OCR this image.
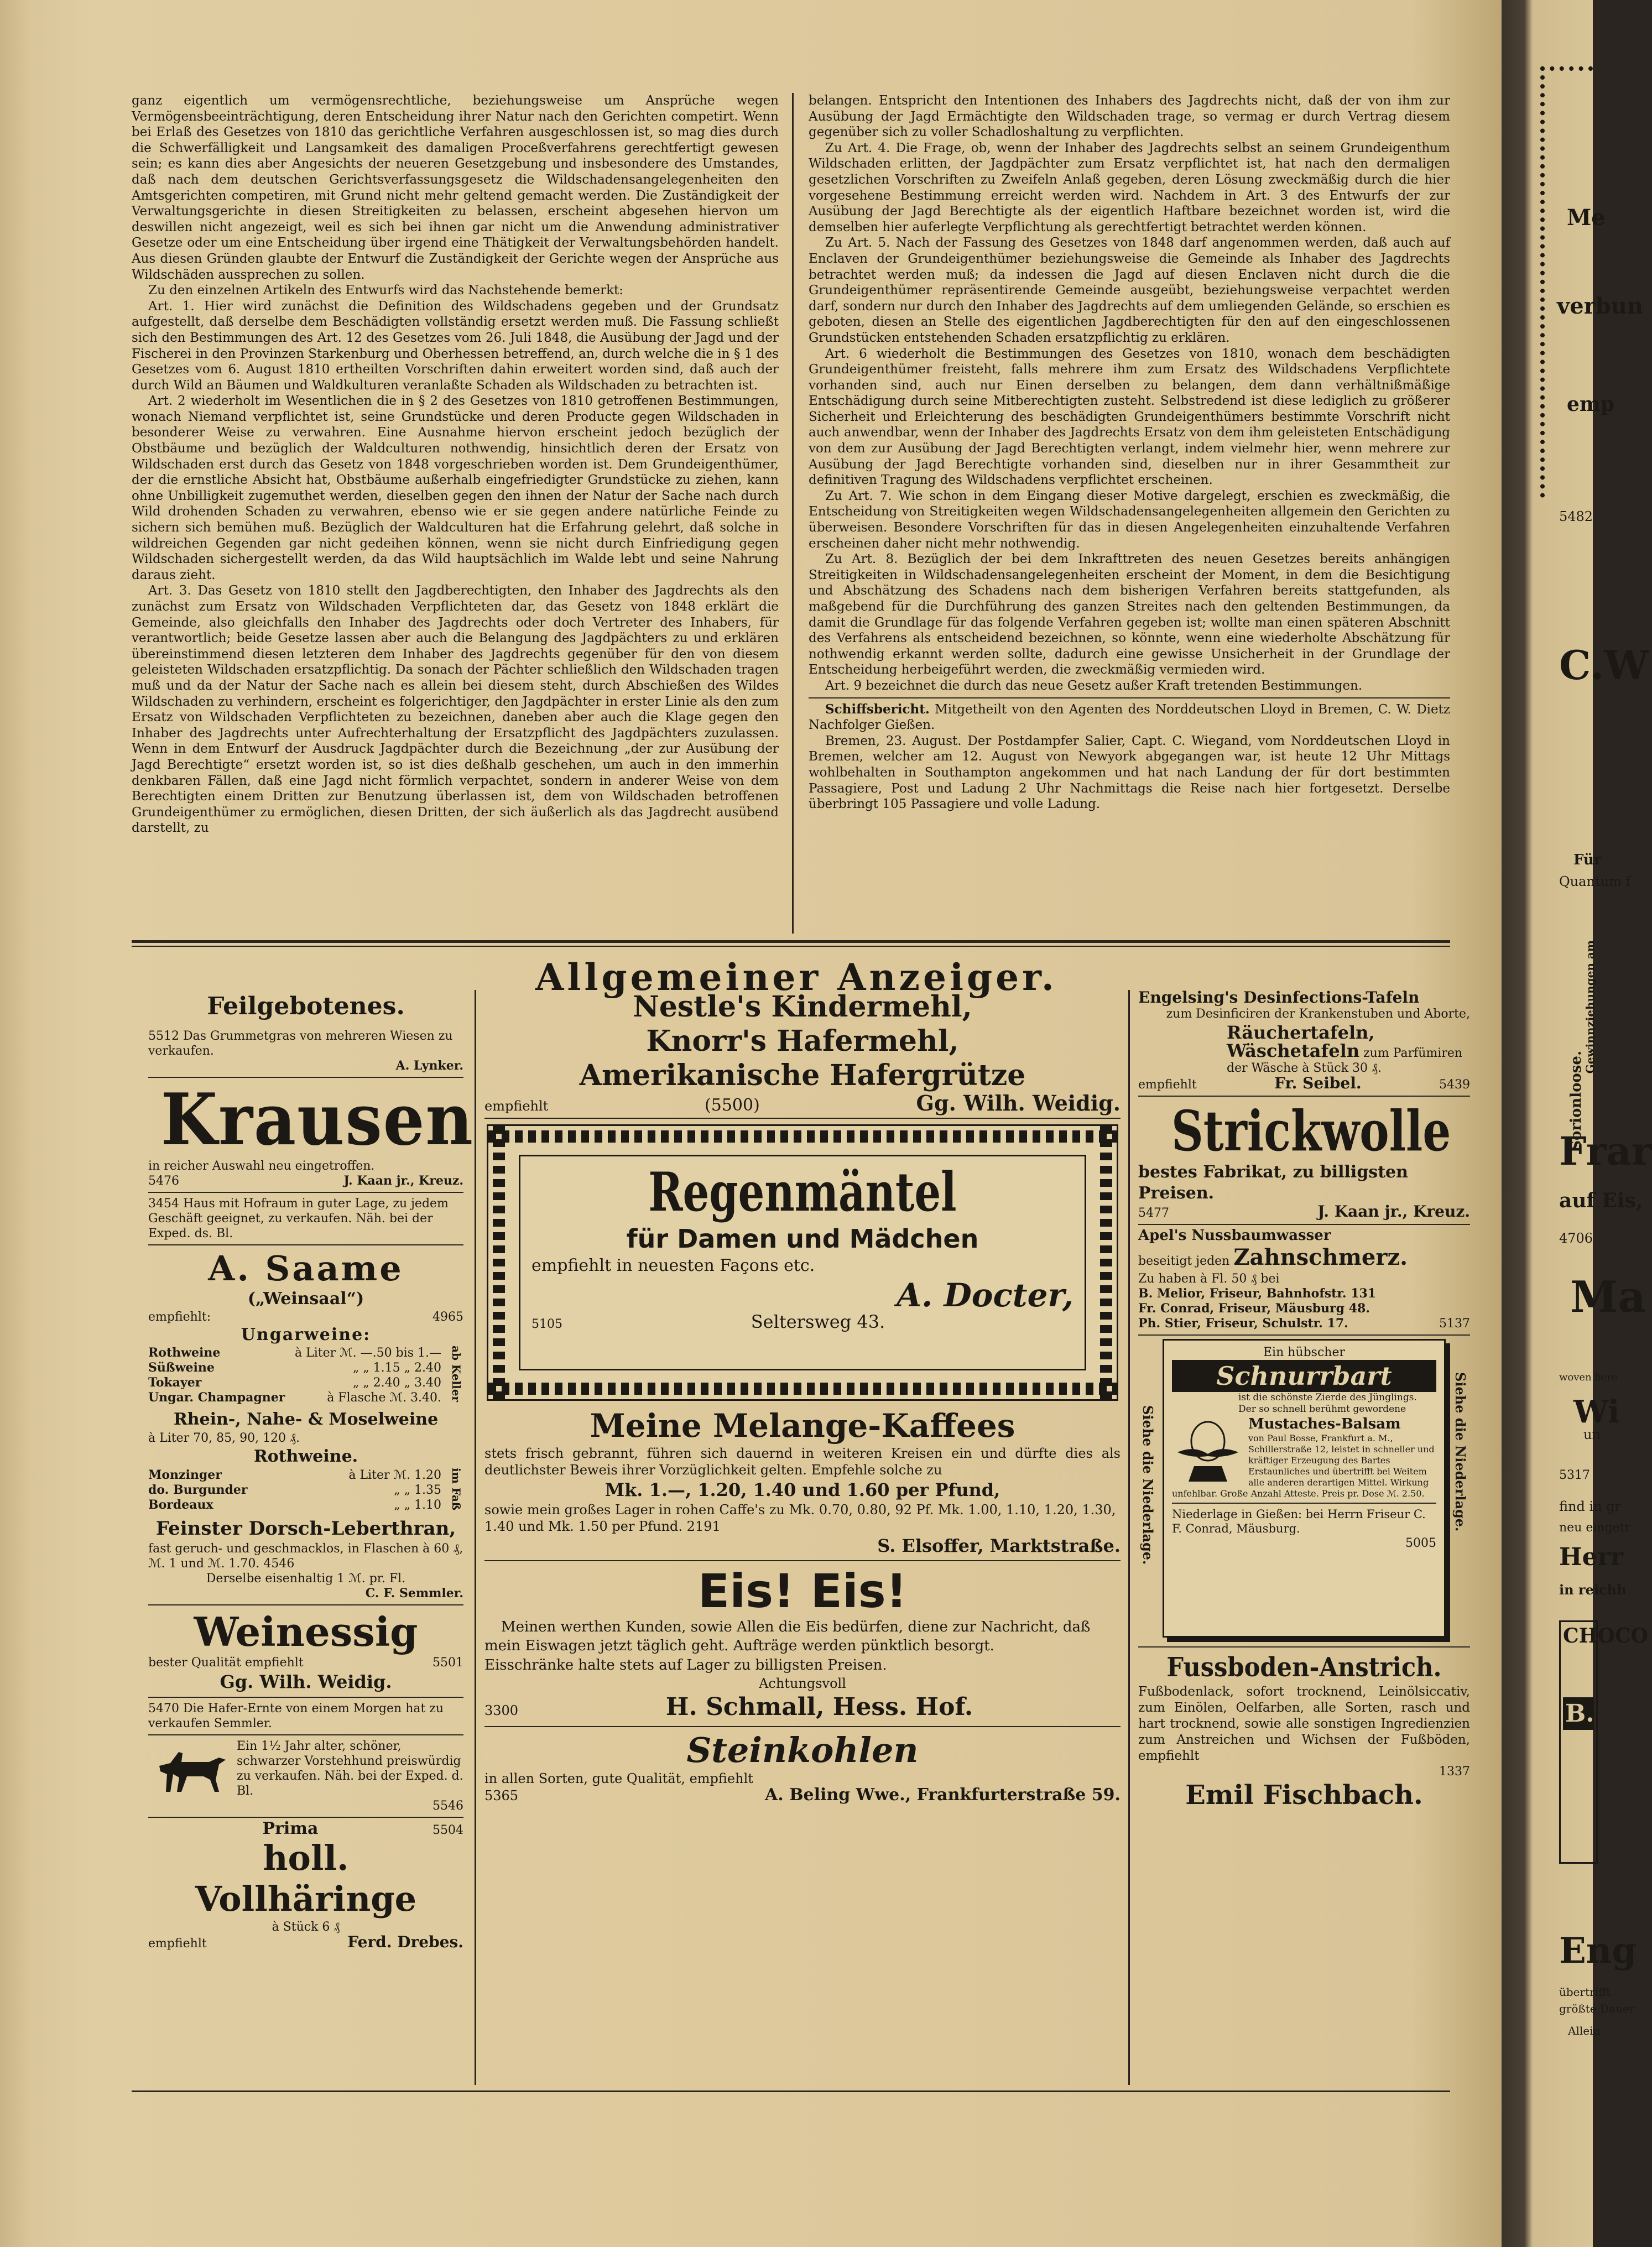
ganz eigentlich um vermögensrechtliche, beziehungsweise um Ansprüche wegen Vermögensbeeinträchtigung, deren Entscheidung ihrer Natur nach den Gerichten competirt. Wenn bei Erlaß des Gesetzes von 1810 das gerichtliche Verfahren ausgeschlossen ist, so mag dies durch die Schwerfälligkeit und Langsamkeit des damaligen Proceßverfahrens gerechtfertigt gewesen sein; es kann dies aber Angesichts der neueren Gesetzgebung und insbesondere des Umstandes, daß nach dem deutschen Gerichtsverfassungsgesetz die Wildschadensangelegenheiten den Amtsgerichten competiren, mit Grund nicht mehr geltend gemacht werden. Die Zuständigkeit der Verwaltungsgerichte in diesen Streitigkeiten zu belassen, erscheint abgesehen hiervon um deswillen nicht angezeigt, weil es sich bei ihnen gar nicht um die Anwendung administrativer Gesetze oder um eine Entscheidung über irgend eine Thätigkeit der Verwaltungsbehörden handelt. Aus diesen Gründen glaubte der Entwurf die Zuständigkeit der Gerichte wegen der Ansprüche aus Wildschäden aussprechen zu sollen.

Zu den einzelnen Artikeln des Entwurfs wird das Nachstehende bemerkt:

Art. 1. Hier wird zunächst die Definition des Wildschadens gegeben und der Grundsatz aufgestellt, daß derselbe dem Beschädigten vollständig ersetzt werden muß. Die Fassung schließt sich den Bestimmungen des Art. 12 des Gesetzes vom 26. Juli 1848, die Ausübung der Jagd und der Fischerei in den Provinzen Starkenburg und Oberhessen betreffend, an, durch welche die in § 1 des Gesetzes vom 6. August 1810 ertheilten Vorschriften dahin erweitert worden sind, daß auch der durch Wild an Bäumen und Waldkulturen veranlaßte Schaden als Wildschaden zu betrachten ist.

Art. 2 wiederholt im Wesentlichen die in § 2 des Gesetzes von 1810 getroffenen Bestimmungen, wonach Niemand verpflichtet ist, seine Grundstücke und deren Producte gegen Wildschaden in besonderer Weise zu verwahren. Eine Ausnahme hiervon erscheint jedoch bezüglich der Obstbäume und bezüglich der Waldculturen nothwendig, hinsichtlich deren der Ersatz von Wildschaden erst durch das Gesetz von 1848 vorgeschrieben worden ist. Dem Grundeigenthümer, der die ernstliche Absicht hat, Obstbäume außerhalb eingefriedigter Grundstücke zu ziehen, kann ohne Unbilligkeit zugemuthet werden, dieselben gegen den ihnen der Natur der Sache nach durch Wild drohenden Schaden zu verwahren, ebenso wie er sie gegen andere natürliche Feinde zu sichern sich bemühen muß. Bezüglich der Waldculturen hat die Erfahrung gelehrt, daß solche in wildreichen Gegenden gar nicht gedeihen können, wenn sie nicht durch Einfriedigung gegen Wildschaden sichergestellt werden, da das Wild hauptsächlich im Walde lebt und seine Nahrung daraus zieht.

Art. 3. Das Gesetz von 1810 stellt den Jagdberechtigten, den Inhaber des Jagdrechts als den zunächst zum Ersatz von Wildschaden Verpflichteten dar, das Gesetz von 1848 erklärt die Gemeinde, also gleichfalls den Inhaber des Jagdrechts oder doch Vertreter des Inhabers, für verantwortlich; beide Gesetze lassen aber auch die Belangung des Jagdpächters zu und erklären übereinstimmend diesen letzteren dem Inhaber des Jagdrechts gegenüber für den von diesem geleisteten Wildschaden ersatzpflichtig. Da sonach der Pächter schließlich den Wildschaden tragen muß und da der Natur der Sache nach es allein bei diesem steht, durch Abschießen des Wildes Wildschaden zu verhindern, erscheint es folgerichtiger, den Jagdpächter in erster Linie als den zum Ersatz von Wildschaden Verpflichteten zu bezeichnen, daneben aber auch die Klage gegen den Inhaber des Jagdrechts unter Aufrechterhaltung der Ersatzpflicht des Jagdpächters zuzulassen. Wenn in dem Entwurf der Ausdruck Jagdpächter durch die Bezeichnung „der zur Ausübung der Jagd Berechtigte“ ersetzt worden ist, so ist dies deßhalb geschehen, um auch in den immerhin denkbaren Fällen, daß eine Jagd nicht förmlich verpachtet, sondern in anderer Weise von dem Berechtigten einem Dritten zur Benutzung überlassen ist, dem von Wildschaden betroffenen Grundeigenthümer zu ermöglichen, diesen Dritten, der sich äußerlich als das Jagdrecht ausübend darstellt, zu

belangen. Entspricht den Intentionen des Inhabers des Jagdrechts nicht, daß der von ihm zur Ausübung der Jagd Ermächtigte den Wildschaden trage, so vermag er durch Vertrag diesem gegenüber sich zu voller Schadloshaltung zu verpflichten.

Zu Art. 4. Die Frage, ob, wenn der Inhaber des Jagdrechts selbst an seinem Grundeigenthum Wildschaden erlitten, der Jagdpächter zum Ersatz verpflichtet ist, hat nach den dermaligen gesetzlichen Vorschriften zu Zweifeln Anlaß gegeben, deren Lösung zweckmäßig durch die hier vorgesehene Bestimmung erreicht werden wird. Nachdem in Art. 3 des Entwurfs der zur Ausübung der Jagd Berechtigte als der eigentlich Haftbare bezeichnet worden ist, wird die demselben hier auferlegte Verpflichtung als gerechtfertigt betrachtet werden können.

Zu Art. 5. Nach der Fassung des Gesetzes von 1848 darf angenommen werden, daß auch auf Enclaven der Grundeigenthümer beziehungsweise die Gemeinde als Inhaber des Jagdrechts betrachtet werden muß; da indessen die Jagd auf diesen Enclaven nicht durch die die Grundeigenthümer repräsentirende Gemeinde ausgeübt, beziehungsweise verpachtet werden darf, sondern nur durch den Inhaber des Jagdrechts auf dem umliegenden Gelände, so erschien es geboten, diesen an Stelle des eigentlichen Jagdberechtigten für den auf den eingeschlossenen Grundstücken entstehenden Schaden ersatzpflichtig zu erklären.

Art. 6 wiederholt die Bestimmungen des Gesetzes von 1810, wonach dem beschädigten Grundeigenthümer freisteht, falls mehrere ihm zum Ersatz des Wildschadens Verpflichtete vorhanden sind, auch nur Einen derselben zu belangen, dem dann verhältnißmäßige Entschädigung durch seine Mitberechtigten zusteht. Selbstredend ist diese lediglich zu größerer Sicherheit und Erleichterung des beschädigten Grundeigenthümers bestimmte Vorschrift nicht auch anwendbar, wenn der Inhaber des Jagdrechts Ersatz von dem ihm geleisteten Entschädigung von dem zur Ausübung der Jagd Berechtigten verlangt, indem vielmehr hier, wenn mehrere zur Ausübung der Jagd Berechtigte vorhanden sind, dieselben nur in ihrer Gesammtheit zur definitiven Tragung des Wildschadens verpflichtet erscheinen.

Zu Art. 7. Wie schon in dem Eingang dieser Motive dargelegt, erschien es zweckmäßig, die Entscheidung von Streitigkeiten wegen Wildschadensangelegenheiten allgemein den Gerichten zu überweisen. Besondere Vorschriften für das in diesen Angelegenheiten einzuhaltende Verfahren erscheinen daher nicht mehr nothwendig.

Zu Art. 8. Bezüglich der bei dem Inkrafttreten des neuen Gesetzes bereits anhängigen Streitigkeiten in Wildschadensangelegenheiten erscheint der Moment, in dem die Besichtigung und Abschätzung des Schadens nach dem bisherigen Verfahren bereits stattgefunden, als maßgebend für die Durchführung des ganzen Streites nach den geltenden Bestimmungen, da damit die Grundlage für das folgende Verfahren gegeben ist; wollte man einen späteren Abschnitt des Verfahrens als entscheidend bezeichnen, so könnte, wenn eine wiederholte Abschätzung für nothwendig erkannt werden sollte, dadurch eine gewisse Unsicherheit in der Grundlage der Entscheidung herbeigeführt werden, die zweckmäßig vermieden wird.

Art. 9 bezeichnet die durch das neue Gesetz außer Kraft tretenden Bestimmungen.

Schiffsbericht. Mitgetheilt von den Agenten des Norddeutschen Lloyd in Bremen, C. W. Dietz Nachfolger Gießen.

Bremen, 23. August. Der Postdampfer Salier, Capt. C. Wiegand, vom Norddeutschen Lloyd in Bremen, welcher am 12. August von Newyork abgegangen war, ist heute 12 Uhr Mittags wohlbehalten in Southampton angekommen und hat nach Landung der für dort bestimmten Passagiere, Post und Ladung 2 Uhr Nachmittags die Reise nach hier fortgesetzt. Derselbe überbringt 105 Passagiere und volle Ladung.

Allgemeiner Anzeiger.
Feilgebotenes.
5512 Das Grummetgras von mehreren Wiesen zu verkaufen.
A. Lynker.
Krausen
in reicher Auswahl neu eingetroffen.
5476	J. Kaan jr., Kreuz.
3454 Haus mit Hofraum in guter Lage, zu jedem Geschäft geeignet, zu verkaufen. Näh. bei der Exped. ds. Bl.
A. Saame
(„Weinsaal“)
empfiehlt:	4965
Ungarweine:
Rothweine	à Liter ℳ. —.50 bis 1.—
Süßweine	„ „ 1.15 „ 2.40
Tokayer	„ „ 2.40 „ 3.40
Ungar. Champagner	à Flasche ℳ. 3.40. ab Keller
Rhein-, Nahe- & Moselweine
à Liter 70, 85, 90, 120 ₰.
Rothweine.
Monzinger	à Liter ℳ. 1.20
do. Burgunder	„ „ 1.35
Bordeaux	„ „ 1.10 im Faß
Feinster Dorsch-Leberthran,
fast geruch- und geschmacklos, in Flaschen à 60 ₰, ℳ. 1 und ℳ. 1.70. 4546
Derselbe eisenhaltig 1 ℳ. pr. Fl.
C. F. Semmler.
Weinessig
bester Qualität empfiehlt	5501
Gg. Wilh. Weidig.
5470 Die Hafer-Ernte von einem Morgen hat zu verkaufen Semmler.
Ein 1½ Jahr alter, schöner, schwarzer Vorstehhund preiswürdig zu verkaufen. Näh. bei der Exped. d. Bl.
5546
Prima	5504
holl. Vollhäringe
à Stück 6 ₰
empfiehlt	Ferd. Drebes.
Nestle's Kindermehl,
Knorr's Hafermehl,
Amerikanische Hafergrütze
empfiehlt	(5500)	Gg. Wilh. Weidig.
Regenmäntel
für Damen und Mädchen
empfiehlt in neuesten Façons etc.
A. Docter,
5105	Seltersweg 43.
Meine Melange-Kaffees
stets frisch gebrannt, führen sich dauernd in weiteren Kreisen ein und dürfte dies als deutlichster Beweis ihrer Vorzüglichkeit gelten. Empfehle solche zu
Mk. 1.—, 1.20, 1.40 und 1.60 per Pfund,
sowie mein großes Lager in rohen Caffe's zu Mk. 0.70, 0.80, 92 Pf. Mk. 1.00, 1.10, 1.20, 1.30, 1.40 und Mk. 1.50 per Pfund. 2191
S. Elsoffer, Marktstraße.
Eis! Eis!
Meinen werthen Kunden, sowie Allen die Eis bedürfen, diene zur Nachricht, daß mein Eiswagen jetzt täglich geht. Aufträge werden pünktlich besorgt.
Eisschränke halte stets auf Lager zu billigsten Preisen.
Achtungsvoll
3300	H. Schmall, Hess. Hof.
Steinkohlen
in allen Sorten, gute Qualität, empfiehlt
5365	A. Beling Wwe., Frankfurterstraße 59.
Engelsing's Desinfections-Tafeln
zum Desinficiren der Krankenstuben und Aborte,
Räuchertafeln,
Wäschetafeln zum Parfümiren der Wäsche à Stück 30 ₰.
empfiehlt	Fr. Seibel.	5439
Strickwolle
bestes Fabrikat, zu billigsten Preisen.
5477	J. Kaan jr., Kreuz.
Apel's Nussbaumwasser
beseitigt jeden Zahnschmerz.
Zu haben à Fl. 50 ₰ bei
B. Melior, Friseur, Bahnhofstr. 131
Fr. Conrad, Friseur, Mäusburg 48.
Ph. Stier, Friseur, Schulstr. 17.	5137
Siehe die Niederlage.	Siehe die Niederlage.
Ein hübscher
Schnurrbart
ist die schönste Zierde des Jünglings. Der so schnell berühmt gewordene
Mustaches-Balsam
von Paul Bosse, Frankfurt a. M., Schillerstraße 12, leistet in schneller und kräftiger Erzeugung des Bartes Erstaunliches und übertrifft bei Weitem alle anderen derartigen Mittel. Wirkung unfehlbar. Große Anzahl Atteste. Preis pr. Dose ℳ. 2.50.
Niederlage in Gießen: bei Herrn Friseur C. F. Conrad, Mäusburg.
5005
Fussboden-Anstrich.
Fußbodenlack, sofort trocknend, Leinölsiccativ, zum Einölen, Oelfarben, alle Sorten, rasch und hart trocknend, sowie alle sonstigen Ingredienzien zum Anstreichen und Wichsen der Fußböden, empfiehlt
1337
Emil Fischbach.
Me
verbun
emp
5482
C.W
Für
Quantum f
Sorionloose.
Gewinnziehungen am
Frar
auf Eis,
4706
Ma
woven bere
Wi
un
5317
find in gr
neu eingetr
Herr
in reichh
CHOCO
B.
Eng
übertrifft
größte Dauer
Allein
